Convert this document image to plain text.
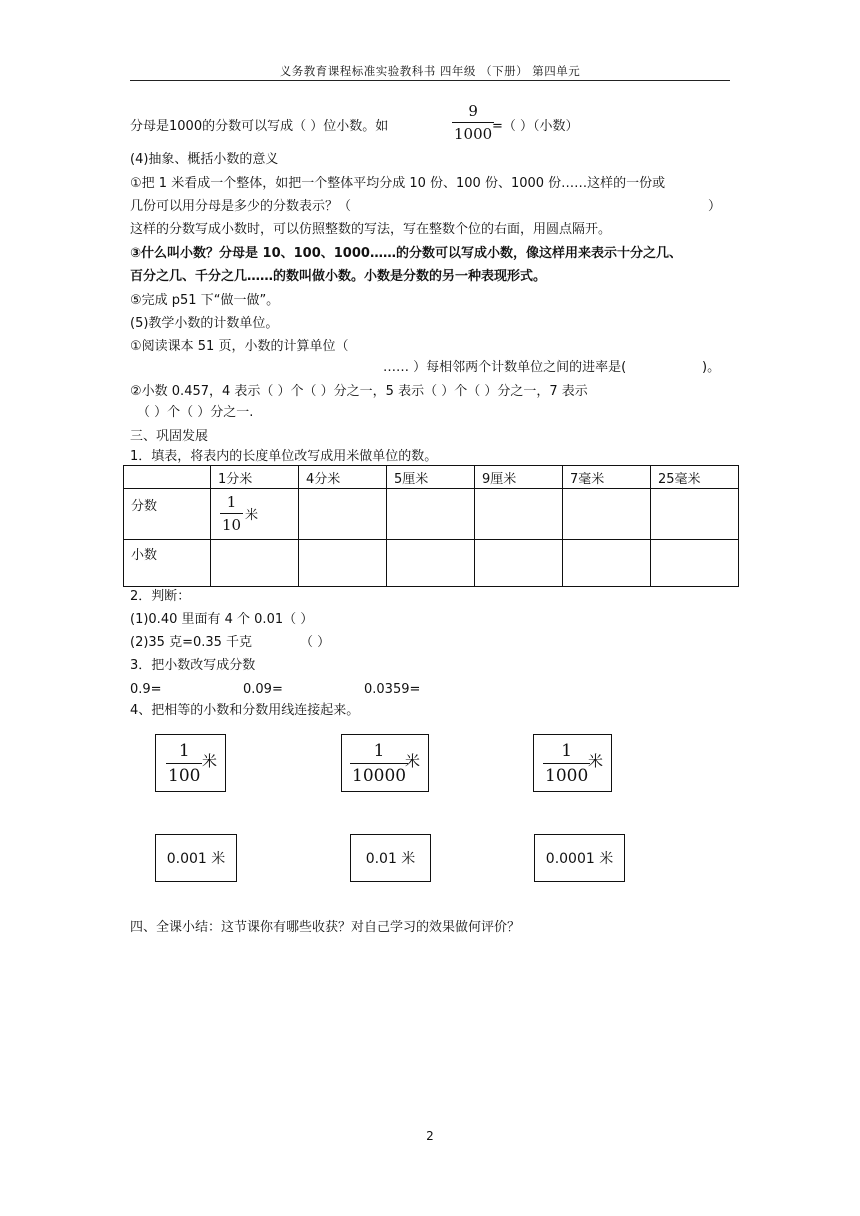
义务教育课程标准实验教科书 四年级 （下册） 第四单元
分母是1000的分数可以写成（ ）位小数。如
9
1000 =（ ）（小数）
(4)抽象、概括小数的意义
①把 1 米看成一个整体，如把一个整体平均分成 10 份、100 份、1000 份……这样的一份或
几份可以用分母是多少的分数表示？（	）
这样的分数写成小数时，可以仿照整数的写法，写在整数个位的右面，用圆点隔开。
③什么叫小数？分母是 10、100、1000……的分数可以写成小数，像这样用来表示十分之几、
百分之几、千分之几……的数叫做小数。小数是分数的另一种表现形式。
⑤完成 p51 下“做一做”。
(5)教学小数的计数单位。
①阅读课本 51 页，小数的计算单位（
…… ）每相邻两个计数单位之间的进率是(	)。
②小数 0.457，4 表示（ ）个（ ）分之一，5 表示（ ）个（ ）分之一，7 表示
（ ）个（ ）分之一.
三、巩固发展
1．填表，将表内的长度单位改写成用米做单位的数。
	1分米	4分米	5厘米	9厘米	7毫米	25毫米
分数	1
10
米					

小数						
2．判断：
(1)0.40 里面有 4 个 0.01（ ）
(2)35 克=0.35 千克	（ ）
3．把小数改写成分数
0.9=	0.09=	0.0359=
4、把相等的小数和分数用线连接起来。
1
100
米	1
10000
米	1
1000
米
0.001 米	0.01 米	0.0001 米
四、全课小结：这节课你有哪些收获？对自己学习的效果做何评价？
2
